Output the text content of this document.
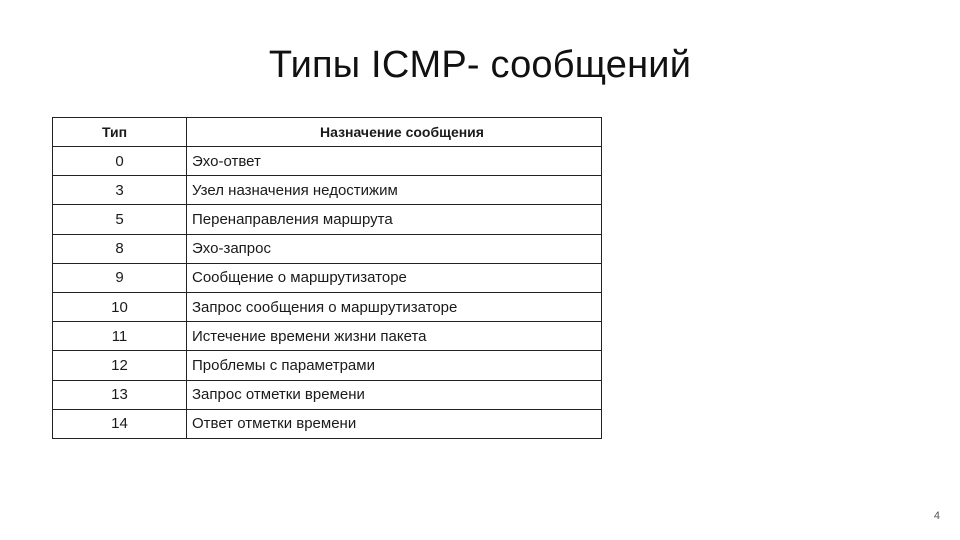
Типы ICMP- сообщений
Тип	Назначение сообщения
0	Эхо-ответ
3	Узел назначения недостижим
5	Перенаправления маршрута
8	Эхо-запрос
9	Сообщение о маршрутизаторе
10	Запрос сообщения о маршрутизаторе
11	Истечение времени жизни пакета
12	Проблемы с параметрами
13	Запрос отметки времени
14	Ответ отметки времени
4
